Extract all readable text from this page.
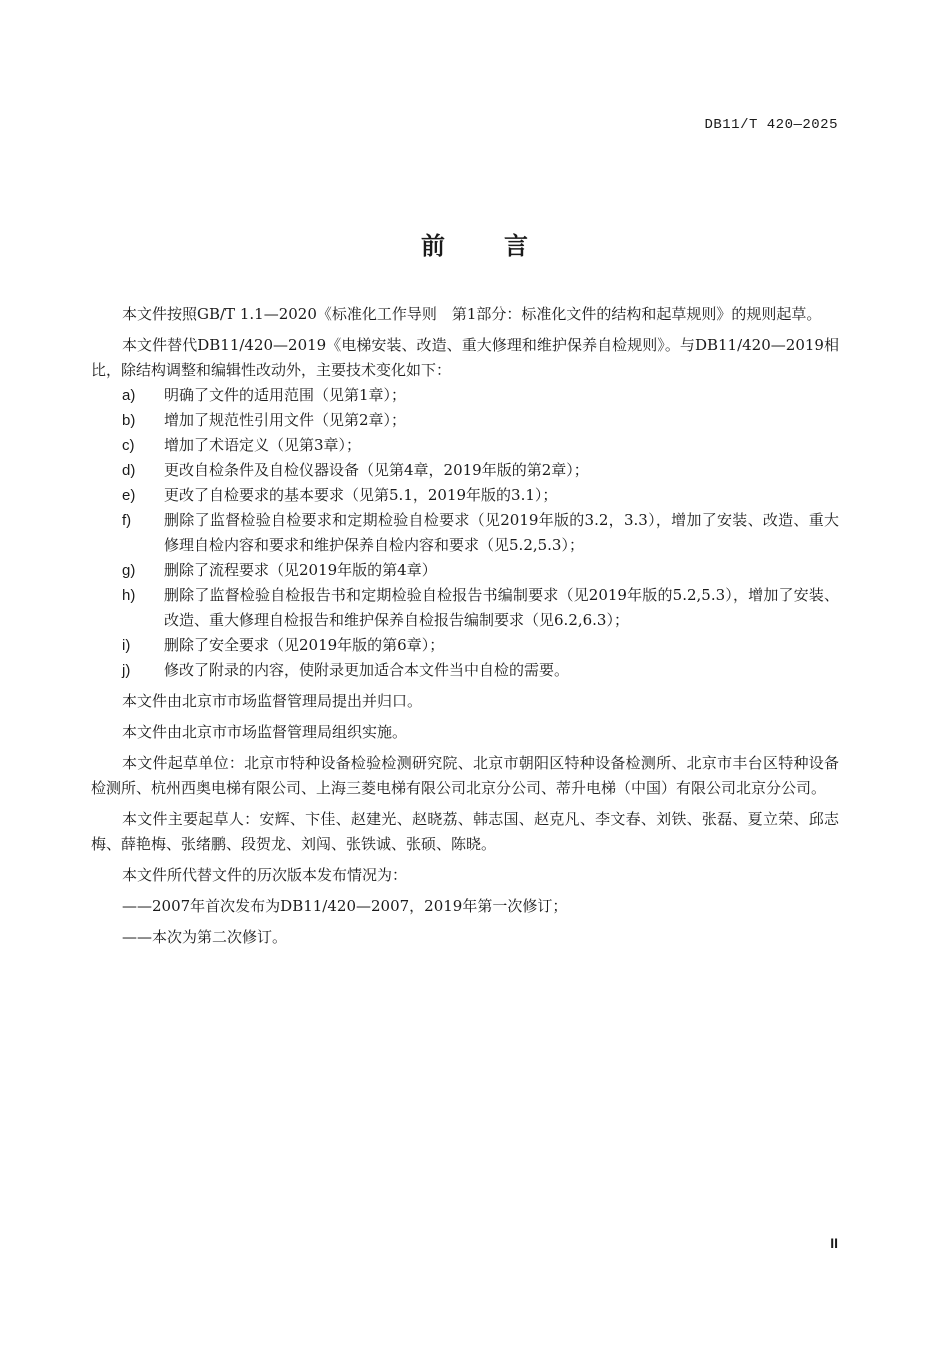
DB11/T 420—2025
前 言

本文件按照GB/T 1.1—2020《标准化工作导则　第1部分：标准化文件的结构和起草规则》的规则起草。

本文件替代DB11/420—2019《电梯安装、改造、重大修理和维护保养自检规则》。与DB11/420—2019相比，除结构调整和编辑性改动外，主要技术变化如下：

a)	明确了文件的适用范围（见第1章）；
b)	增加了规范性引用文件（见第2章）；
c)	增加了术语定义（见第3章）；
d)	更改自检条件及自检仪器设备（见第4章，2019年版的第2章）；
e)	更改了自检要求的基本要求（见第5.1，2019年版的3.1）；
f)	删除了监督检验自检要求和定期检验自检要求（见2019年版的3.2，3.3），增加了安装、改造、重大修理自检内容和要求和维护保养自检内容和要求（见5.2,5.3）；
g)	删除了流程要求（见2019年版的第4章）
h)	删除了监督检验自检报告书和定期检验自检报告书编制要求（见2019年版的5.2,5.3），增加了安装、改造、重大修理自检报告和维护保养自检报告编制要求（见6.2,6.3）；
i)	删除了安全要求（见2019年版的第6章）；
j)	修改了附录的内容，使附录更加适合本文件当中自检的需要。

本文件由北京市市场监督管理局提出并归口。

本文件由北京市市场监督管理局组织实施。

本文件起草单位：北京市特种设备检验检测研究院、北京市朝阳区特种设备检测所、北京市丰台区特种设备检测所、杭州西奥电梯有限公司、上海三菱电梯有限公司北京分公司、蒂升电梯（中国）有限公司北京分公司。

本文件主要起草人：安辉、卞佳、赵建光、赵晓荔、韩志国、赵克凡、李文春、刘铁、张磊、夏立荣、邱志梅、薛艳梅、张绪鹏、段贺龙、刘闯、张铁诚、张硕、陈晓。

本文件所代替文件的历次版本发布情况为：

——2007年首次发布为DB11/420—2007，2019年第一次修订；

——本次为第二次修订。

II
